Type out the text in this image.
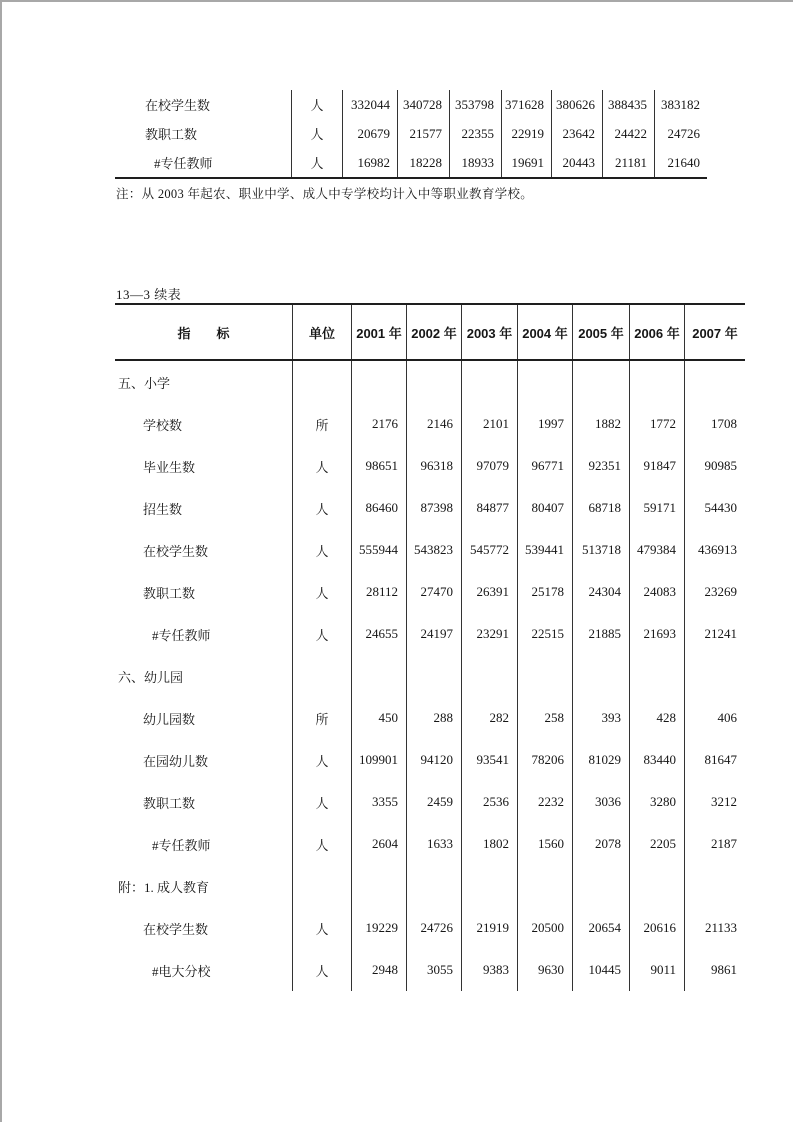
在校学生数	人	332044	340728	353798 371628 380626	388435	383182
教职工数	人	20679	21577	22355	22919	23642	24422	24726
#专任教师	人	16982	18228	18933	19691	20443	21181	21640
注：从 2003 年起农、职业中学、成人中专学校均计入中等职业教育学校。
13—3 续表
指　　标	单位	2001 年 2002 年 2003 年 2004 年 2005 年 2006 年 2007 年
五、小学
学校数	所	2176	2146	2101	1997	1882	1772	1708
毕业生数	人	98651	96318	97079	96771	92351	91847	90985
招生数	人	86460	87398	84877	80407	68718	59171	54430
在校学生数	人	555944	543823	545772	539441	513718	479384	436913
教职工数	人	28112	27470	26391	25178	24304	24083	23269
#专任教师	人	24655	24197	23291	22515	21885	21693	21241
六、幼儿园
幼儿园数	所	450	288	282	258	393	428	406
在园幼儿数	人	109901	94120	93541	78206	81029	83440	81647
教职工数	人	3355	2459	2536	2232	3036	3280	3212
#专任教师	人	2604	1633	1802	1560	2078	2205	2187
附：1. 成人教育
在校学生数	人	19229	24726	21919	20500	20654	20616	21133
#电大分校	人	2948	3055	9383	9630	10445	9011	9861
